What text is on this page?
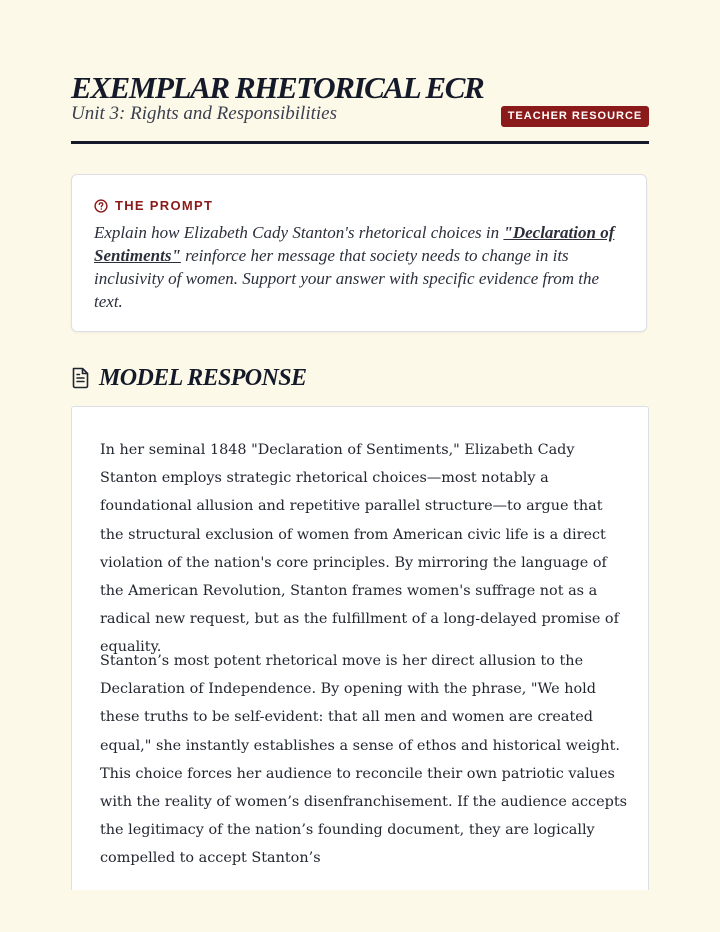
EXEMPLAR RHETORICAL ECR
Unit 3: Rights and Responsibilities	TEACHER RESOURCE
THE PROMPT

Explain how Elizabeth Cady Stanton's rhetorical choices in "Declaration of Sentiments" reinforce her message that society needs to change in its inclusivity of women. Support your answer with specific evidence from the text.

MODEL RESPONSE

In her seminal 1848 "Declaration of Sentiments," Elizabeth Cady Stanton employs strategic rhetorical choices—most notably a foundational allusion and repetitive parallel structure—to argue that the structural exclusion of women from American civic life is a direct violation of the nation's core principles. By mirroring the language of the American Revolution, Stanton frames women's suffrage not as a radical new request, but as the fulfillment of a long-delayed promise of equality.

Stanton’s most potent rhetorical move is her direct allusion to the Declaration of Independence. By opening with the phrase, "We hold these truths to be self-evident: that all men and women are created equal," she instantly establishes a sense of ethos and historical weight. This choice forces her audience to reconcile their own patriotic values with the reality of women’s disenfranchisement. If the audience accepts the legitimacy of the nation’s founding document, they are logically compelled to accept Stanton’s
